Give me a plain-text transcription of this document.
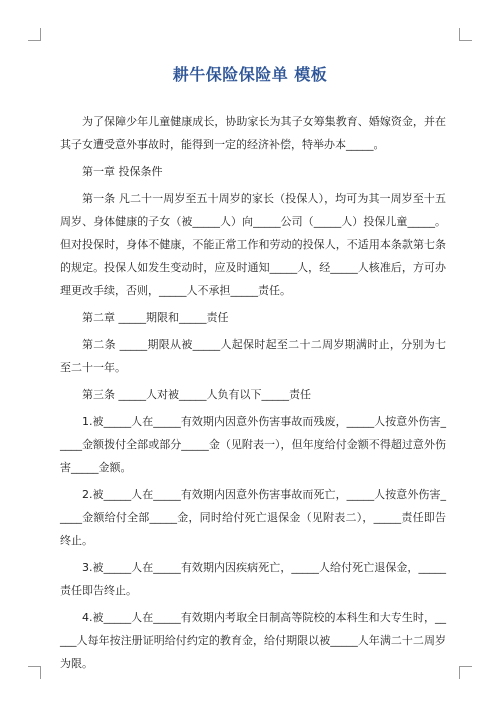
耕牛保险保险单 模板

为了保障少年儿童健康成长，协助家长为其子女筹集教育、婚嫁资金，并在其子女遭受意外事故时，能得到一定的经济补偿，特举办本_____。

第一章 投保条件

第一条 凡二十一周岁至五十周岁的家长（投保人），均可为其一周岁至十五周岁、身体健康的子女（被_____人）向_____公司（_____人）投保儿童_____。但对投保时，身体不健康，不能正常工作和劳动的投保人，不适用本条款第七条的规定。投保人如发生变动时，应及时通知_____人，经_____人核准后，方可办理更改手续，否则，_____人不承担_____责任。

第二章 _____期限和_____责任

第二条 _____期限从被_____人起保时起至二十二周岁期满时止，分别为七至二十一年。

第三条 _____人对被_____人负有以下_____责任

1.被_____人在_____有效期内因意外伤害事故而残废，_____人按意外伤害_____金额拨付全部或部分_____金（见附表一），但年度给付金额不得超过意外伤害_____金额。

2.被_____人在_____有效期内因意外伤害事故而死亡，_____人按意外伤害_____金额给付全部_____金，同时给付死亡退保金（见附表二），_____责任即告终止。

3.被_____人在_____有效期内因疾病死亡，_____人给付死亡退保金，_____责任即告终止。

4.被_____人在_____有效期内考取全日制高等院校的本科生和大专生时，_____人每年按注册证明给付约定的教育金，给付期限以被_____人年满二十二周岁为限。
